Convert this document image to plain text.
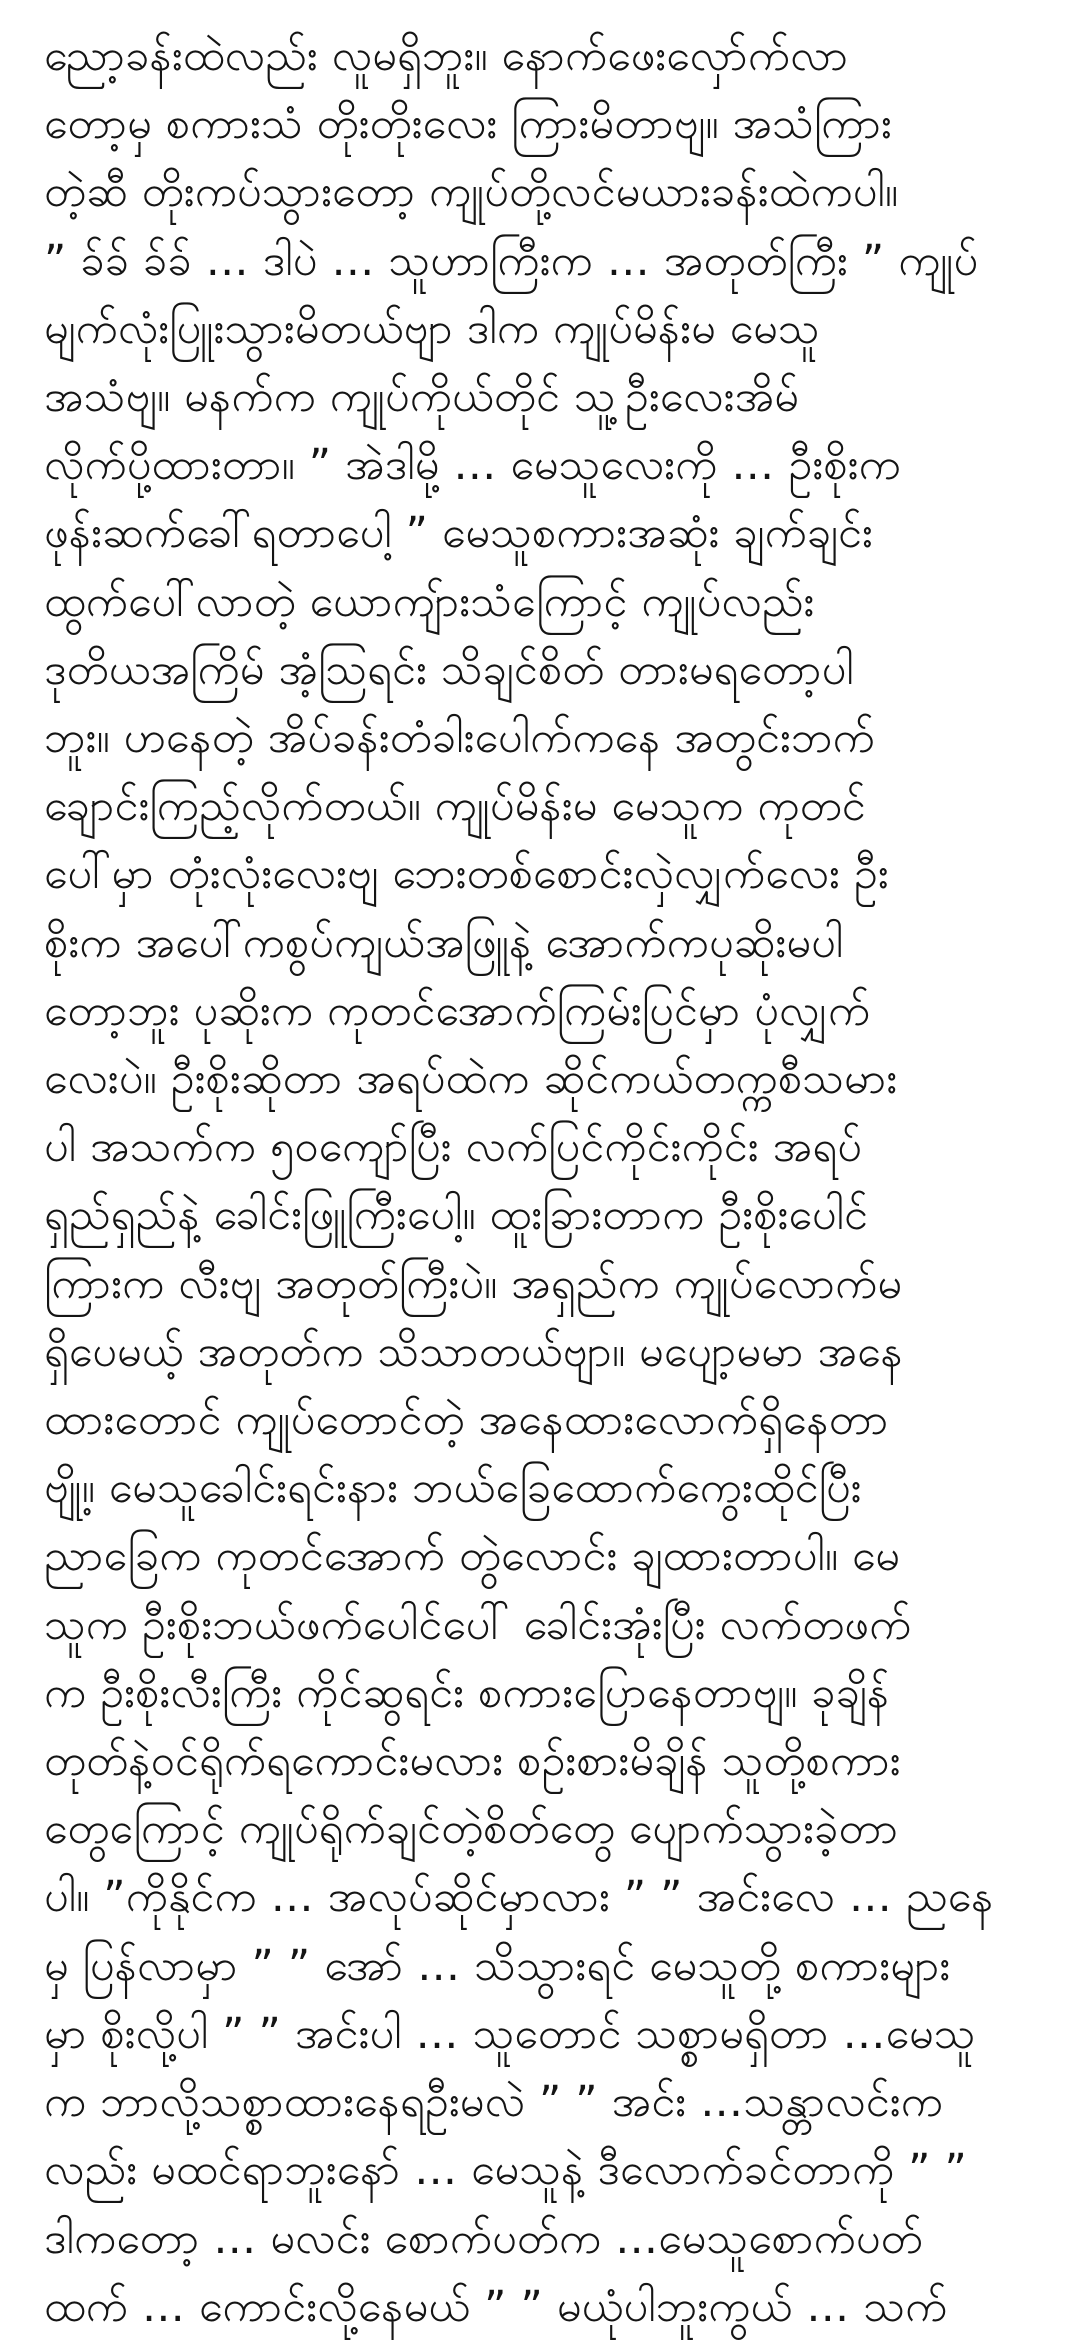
ညော့ခန်းထဲလည်း လူမရှိဘူး။ နောက်ဖေးလှော်က်လာ
တော့မှ စကားသံ တိုးတိုးလေး ကြားမိတာဗျ။ အသံကြား
တဲ့ဆီ တိုးကပ်သွားတော့ ကျုပ်တို့လင်မယားခန်းထဲကပါ။
” ခ်ခ် ခ်ခ် … ဒါပဲ … သူဟာကြီးက … အတုတ်ကြီး ” ကျုပ်
မျက်လုံးပြူးသွားမိတယ်ဗျာ ဒါက ကျုပ်မိန်းမ မေသူ
အသံဗျ။ မနက်က ကျုပ်ကိုယ်တိုင် သူ့ဦးလေးအိမ်
လိုက်ပို့ထားတာ။ ” အဲဒါမို့ … မေသူလေးကို … ဦးစိုးက
ဖုန်းဆက်ခေါ်ရတာပေါ့ ” မေသူစကားအဆုံး ချက်ချင်း
ထွက်ပေါ်လာတဲ့ ယောကျ်ားသံကြောင့် ကျုပ်လည်း
ဒုတိယအကြိမ် အံ့ဩရင်း သိချင်စိတ် တားမရတော့ပါ
ဘူး။ ဟနေတဲ့ အိပ်ခန်းတံခါးပေါက်ကနေ အတွင်းဘက်
ချောင်းကြည့်လိုက်တယ်။ ကျုပ်မိန်းမ မေသူက ကုတင်
ပေါ်မှာ တုံးလုံးလေးဗျ ဘေးတစ်စောင်းလှဲလျှက်လေး ဦး
စိုးက အပေါ်ကစွပ်ကျယ်အဖြူနဲ့ အောက်ကပုဆိုးမပါ
တော့ဘူး ပုဆိုးက ကုတင်အောက်ကြမ်းပြင်မှာ ပုံလျှက်
လေးပဲ။ ဦးစိုးဆိုတာ အရပ်ထဲက ဆိုင်ကယ်တက္ကစီသမား
ပါ အသက်က ၅၀ကျော်ပြီး လက်ပြင်ကိုင်းကိုင်း အရပ်
ရှည်ရှည်နဲ့ ခေါင်းဖြူကြီးပေါ့။ ထူးခြားတာက ဦးစိုးပေါင်
ကြားက လီးဗျ အတုတ်ကြီးပဲ။ အရှည်က ကျုပ်လောက်မ
ရှိပေမယ့် အတုတ်က သိသာတယ်ဗျာ။ မပျော့မမာ အနေ
ထားတောင် ကျုပ်တောင်တဲ့ အနေထားလောက်ရှိနေတာ
ဗျို့။ မေသူခေါင်းရင်းနား ဘယ်ခြေထောက်ကွေးထိုင်ပြီး
ညာခြေက ကုတင်အောက် တွဲလောင်း ချထားတာပါ။ မေ
သူက ဦးစိုးဘယ်ဖက်ပေါင်ပေါ် ခေါင်းအုံးပြီး လက်တဖက်
က ဦးစိုးလီးကြီး ကိုင်ဆွရင်း စကားပြောနေတာဗျ။ ခုချိန်
တုတ်နဲ့ဝင်ရိုက်ရကောင်းမလား စဉ်းစားမိချိန် သူတို့စကား
တွေကြောင့် ကျုပ်ရိုက်ချင်တဲ့စိတ်တွေ ပျောက်သွားခဲ့တာ
ပါ။ ”ကိုနိုင်က … အလုပ်ဆိုင်မှာလား ” ” အင်းလေ … ညနေ
မှ ပြန်လာမှာ ” ” အော် … သိသွားရင် မေသူတို့ စကားများ
မှာ စိုးလို့ပါ ” ” အင်းပါ … သူတောင် သစ္စာမရှိတာ …မေသူ
က ဘာလို့သစ္စာထားနေရဦးမလဲ ” ” အင်း …သန္တာလင်းက
လည်း မထင်ရာဘူးနော် … မေသူနဲ့ ဒီလောက်ခင်တာကို ” ”
ဒါကတော့ … မလင်း စောက်ပတ်က …မေသူစောက်ပတ်
ထက် … ကောင်းလို့နေမယ် ” ” မယုံပါဘူးကွယ် … သက်
